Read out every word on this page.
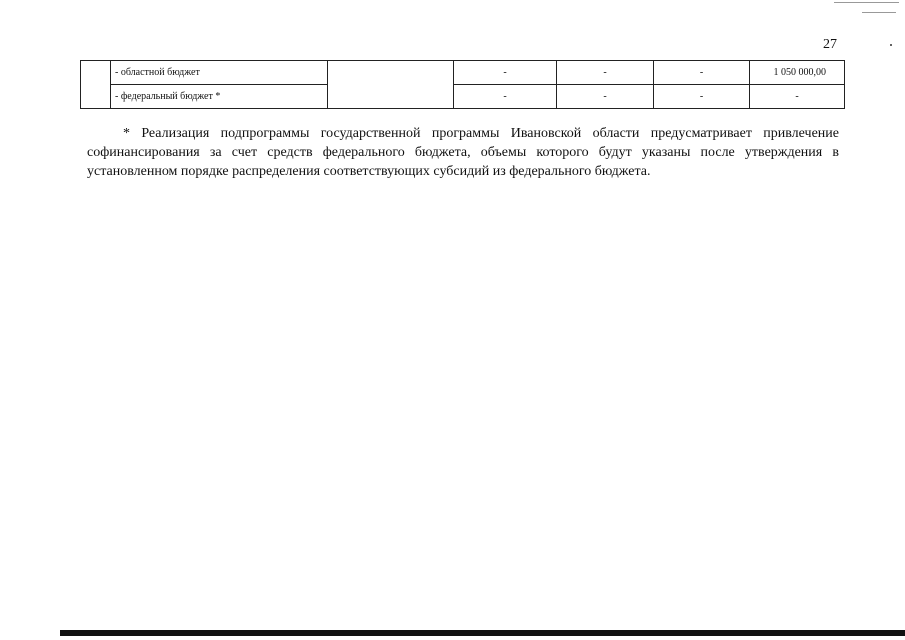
27
	- областной бюджет		-	-	-	1 050 000,00
	- федеральный бюджет *		-	-	-	-

* Реализация подпрограммы государственной программы Ивановской области предусматривает привлечение софинансирования за счет средств федерального бюджета, объемы которого будут указаны после утверждения в установленном порядке распределения соответствующих субсидий из федерального бюджета.
